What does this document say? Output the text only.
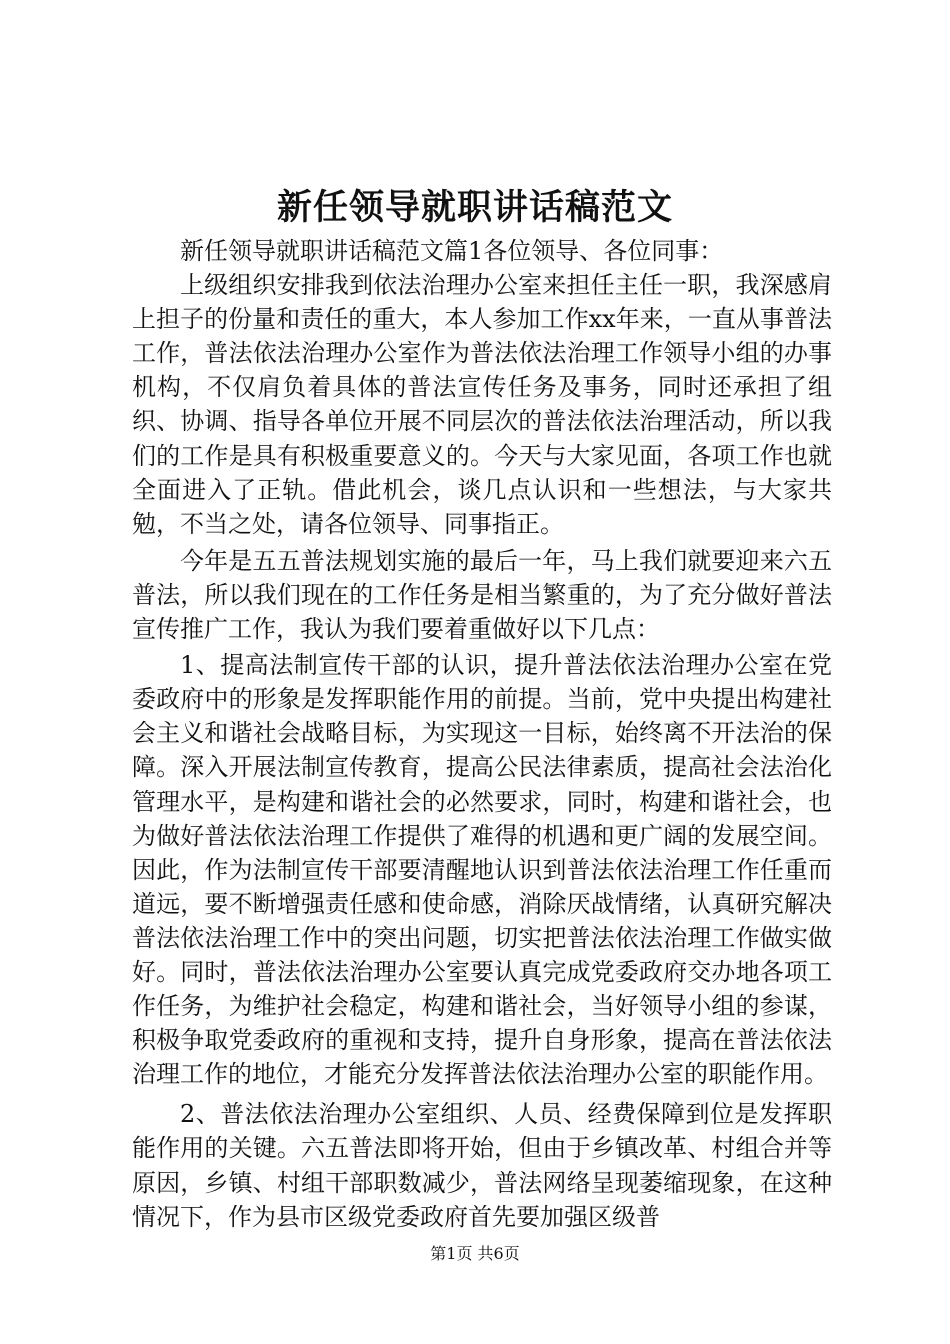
新任领导就职讲话稿范文

新任领导就职讲话稿范文篇1各位领导、各位同事：

上级组织安排我到依法治理办公室来担任主任一职，我深感肩上担子的份量和责任的重大，本人参加工作xx年来，一直从事普法工作，普法依法治理办公室作为普法依法治理工作领导小组的办事机构，不仅肩负着具体的普法宣传任务及事务，同时还承担了组织、协调、指导各单位开展不同层次的普法依法治理活动，所以我们的工作是具有积极重要意义的。今天与大家见面，各项工作也就全面进入了正轨。借此机会，谈几点认识和一些想法，与大家共勉，不当之处，请各位领导、同事指正。

今年是五五普法规划实施的最后一年，马上我们就要迎来六五普法，所以我们现在的工作任务是相当繁重的，为了充分做好普法宣传推广工作，我认为我们要着重做好以下几点：

1、提高法制宣传干部的认识，提升普法依法治理办公室在党委政府中的形象是发挥职能作用的前提。当前，党中央提出构建社会主义和谐社会战略目标，为实现这一目标，始终离不开法治的保障。深入开展法制宣传教育，提高公民法律素质，提高社会法治化管理水平，是构建和谐社会的必然要求，同时，构建和谐社会，也为做好普法依法治理工作提供了难得的机遇和更广阔的发展空间。因此，作为法制宣传干部要清醒地认识到普法依法治理工作任重而道远，要不断增强责任感和使命感，消除厌战情绪，认真研究解决普法依法治理工作中的突出问题，切实把普法依法治理工作做实做好。同时，普法依法治理办公室要认真完成党委政府交办地各项工作任务，为维护社会稳定，构建和谐社会，当好领导小组的参谋，积极争取党委政府的重视和支持，提升自身形象，提高在普法依法治理工作的地位，才能充分发挥普法依法治理办公室的职能作用。

2、普法依法治理办公室组织、人员、经费保障到位是发挥职能作用的关键。六五普法即将开始，但由于乡镇改革、村组合并等原因，乡镇、村组干部职数减少，普法网络呈现萎缩现象，在这种情况下，作为县市区级党委政府首先要加强区级普

第1页 共6页
